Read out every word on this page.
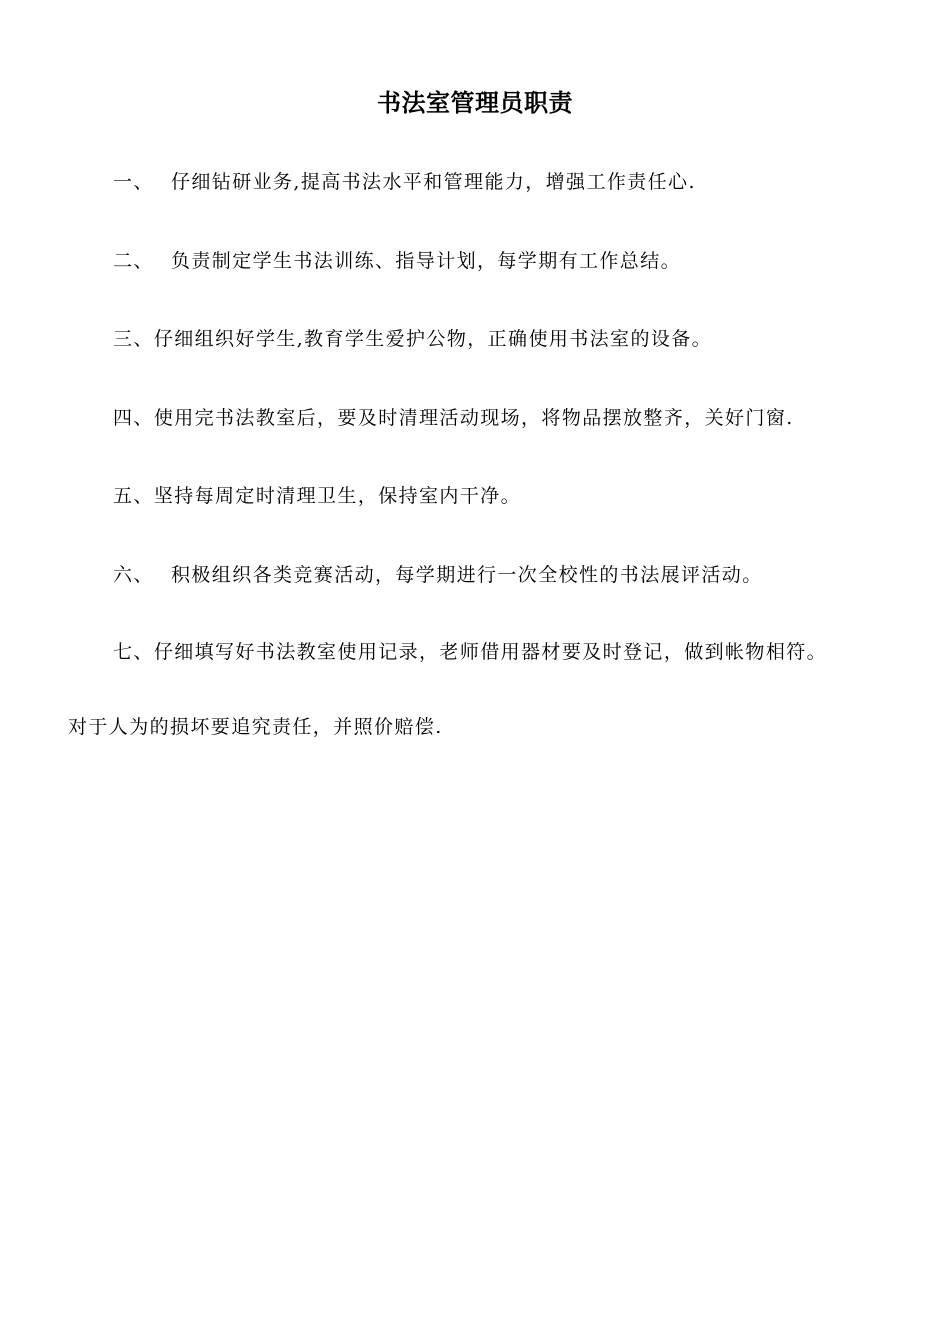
书法室管理员职责
一、 仔细钻研业务,提高书法水平和管理能力，增强工作责任心.
二、 负责制定学生书法训练、指导计划，每学期有工作总结。
三、仔细组织好学生,教育学生爱护公物，正确使用书法室的设备。
四、使用完书法教室后，要及时清理活动现场，将物品摆放整齐，关好门窗.
五、坚持每周定时清理卫生，保持室内干净。
六、 积极组织各类竞赛活动，每学期进行一次全校性的书法展评活动。
七、仔细填写好书法教室使用记录，老师借用器材要及时登记，做到帐物相符。
对于人为的损坏要追究责任，并照价赔偿.
